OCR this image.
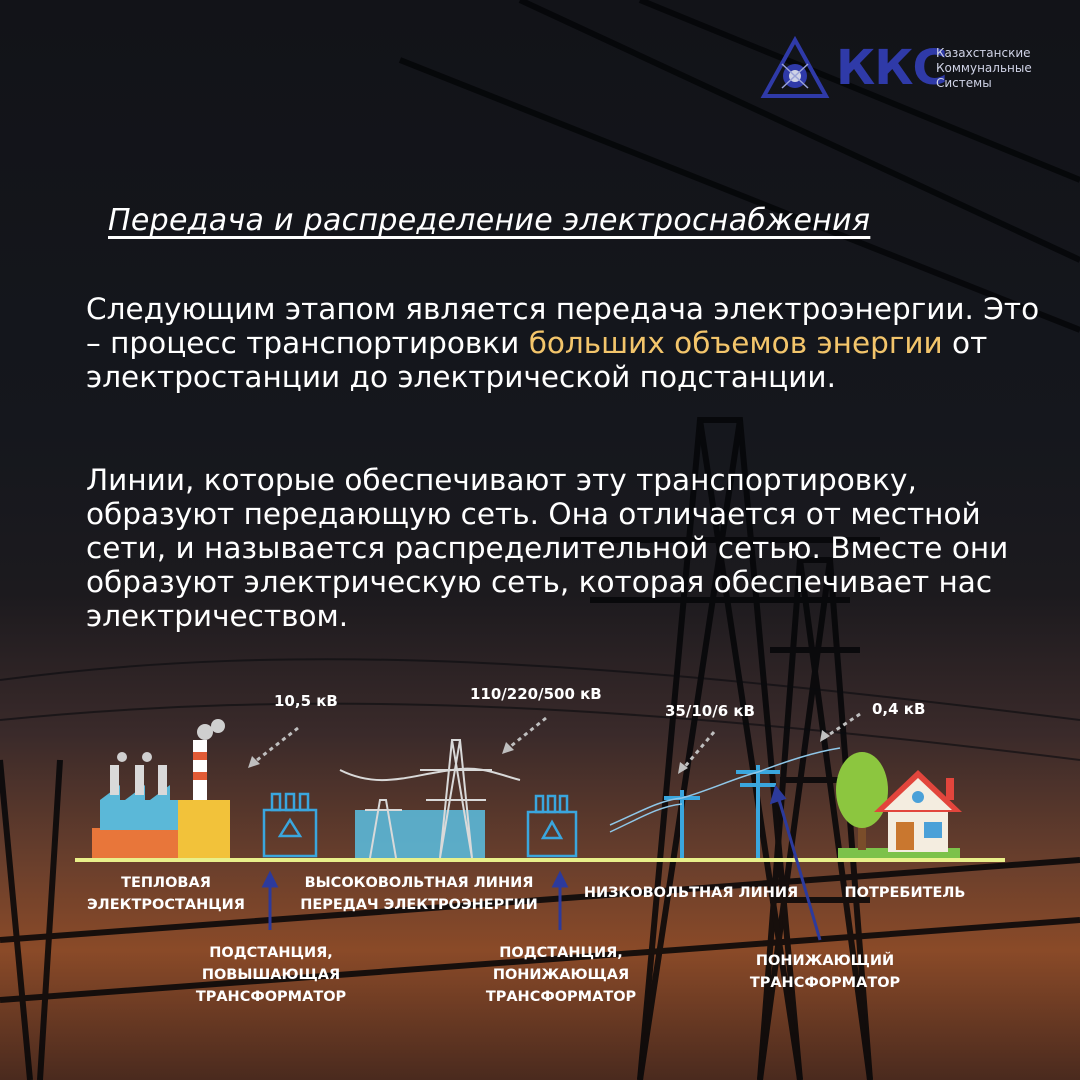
ККС
Казахстанские
Коммунальные
Системы
Передача и распределение электроснабжения

Следующим этапом является передача электроэнергии. Это – процесс транспортировки больших объемов энергии от электростанции до электрической подстанции.

Линии, которые обеспечивают эту транспортировку, образуют передающую сеть. Она отличается от местной сети, и называется распределительной сетью. Вместе они образуют электрическую сеть, которая обеспечивает нас электричеством.

10,5 кВ	110/220/500 кВ
35/10/6 кВ	0,4 кВ
ТЕПЛОВАЯ
ЭЛЕКТРОСТАНЦИЯ
ВЫСОКОВОЛЬТНАЯ ЛИНИЯ
ПЕРЕДАЧ ЭЛЕКТРОЭНЕРГИИ
НИЗКОВОЛЬТНАЯ ЛИНИЯ	ПОТРЕБИТЕЛЬ
ПОДСТАНЦИЯ,
ПОВЫШАЮЩАЯ
ТРАНСФОРМАТОР
ПОДСТАНЦИЯ,
ПОНИЖАЮЩАЯ
ТРАНСФОРМАТОР
ПОНИЖАЮЩИЙ
ТРАНСФОРМАТОР
